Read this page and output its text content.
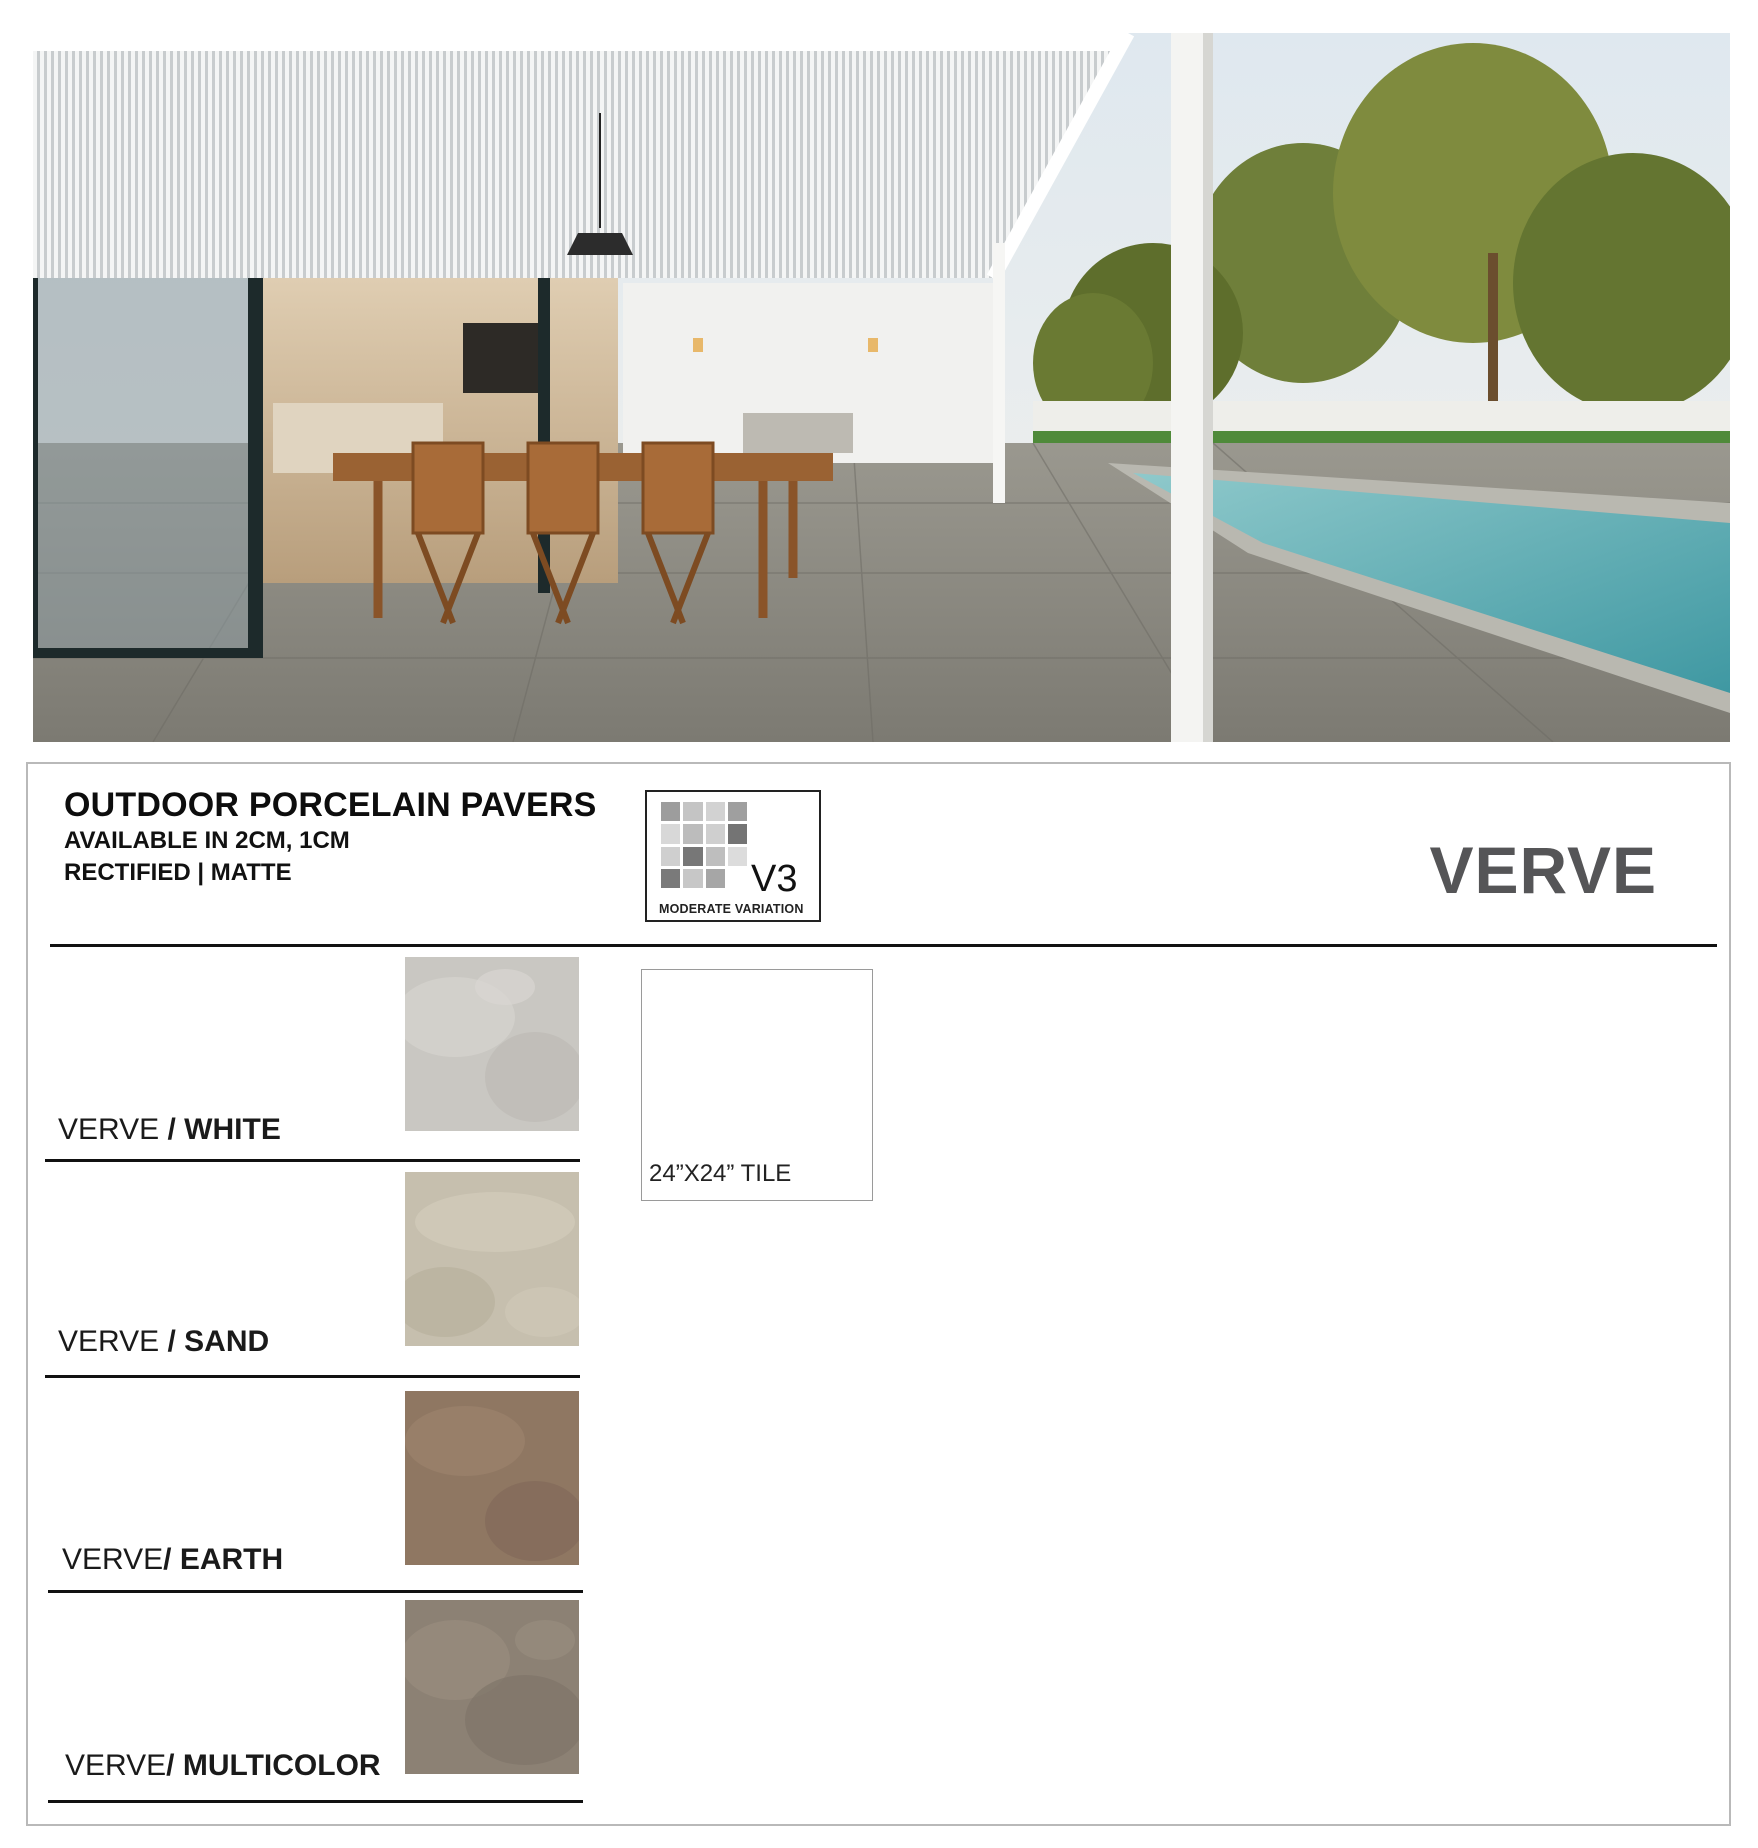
OUTDOOR PORCELAIN PAVERS
AVAILABLE IN 2CM, 1CM
RECTIFIED | MATTE	V3
MODERATE VARIATION
VERVE
VERVE / WHITE
VERVE / SAND
VERVE/ EARTH
VERVE/ MULTICOLOR
24”X24” TILE
